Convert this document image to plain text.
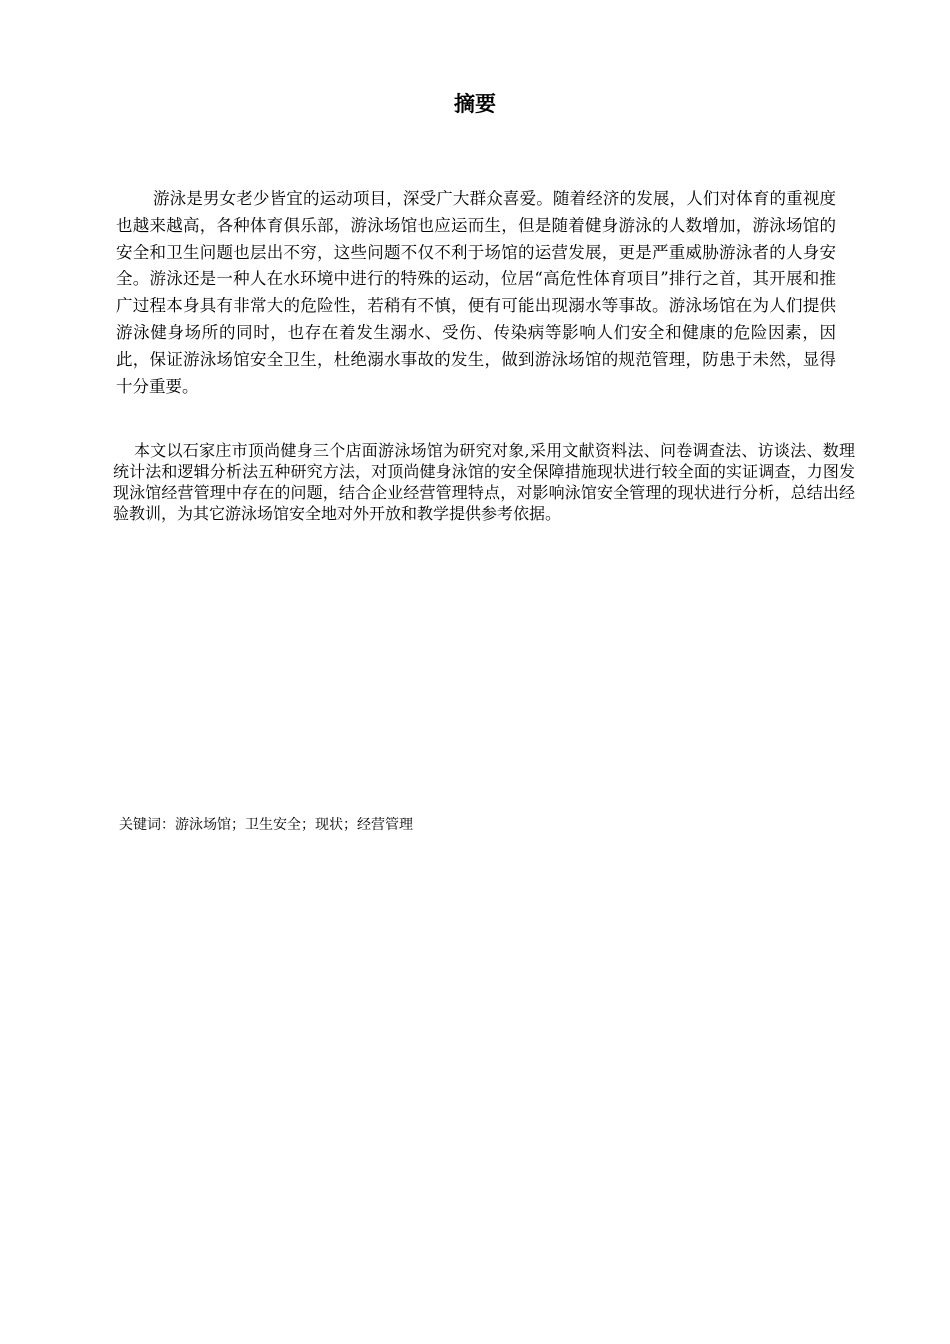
摘要
游泳是男女老少皆宜的运动项目，深受广大群众喜爱。随着经济的发展，人们对体育的重视度也越来越高，各种体育俱乐部，游泳场馆也应运而生，但是随着健身游泳的人数增加，游泳场馆的安全和卫生问题也层出不穷，这些问题不仅不利于场馆的运营发展，更是严重威胁游泳者的人身安全。游泳还是一种人在水环境中进行的特殊的运动，位居“高危性体育项目”排行之首，其开展和推广过程本身具有非常大的危险性，若稍有不慎，便有可能出现溺水等事故。游泳场馆在为人们提供游泳健身场所的同时，也存在着发生溺水、受伤、传染病等影响人们安全和健康的危险因素，因此，保证游泳场馆安全卫生，杜绝溺水事故的发生，做到游泳场馆的规范管理，防患于未然，显得十分重要。
本文以石家庄市顶尚健身三个店面游泳场馆为研究对象,采用文献资料法、问卷调查法、访谈法、数理统计法和逻辑分析法五种研究方法，对顶尚健身泳馆的安全保障措施现状进行较全面的实证调查，力图发现泳馆经营管理中存在的问题，结合企业经营管理特点，对影响泳馆安全管理的现状进行分析，总结出经验教训，为其它游泳场馆安全地对外开放和教学提供参考依据。
关键词：游泳场馆；卫生安全；现状；经营管理
